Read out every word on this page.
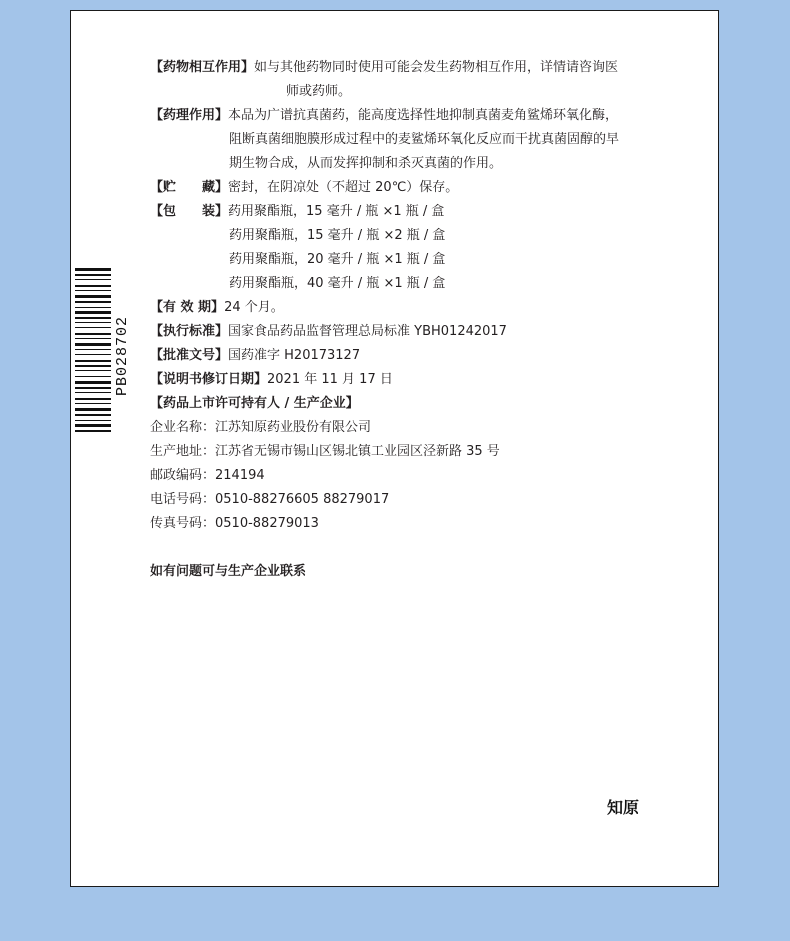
PB028702
【药物相互作用】 如与其他药物同时使用可能会发生药物相互作用，详情请咨询医
师或药师。
【药理作用】 本品为广谱抗真菌药，能高度选择性地抑制真菌麦角鲨烯环氧化酶，
阻断真菌细胞膜形成过程中的麦鲨烯环氧化反应而干扰真菌固醇的早
期生物合成，从而发挥抑制和杀灭真菌的作用。
【贮　　藏】 密封，在阴凉处（不超过 20℃）保存。
【包　　装】 药用聚酯瓶，15 毫升 / 瓶 ×1 瓶 / 盒
药用聚酯瓶，15 毫升 / 瓶 ×2 瓶 / 盒
药用聚酯瓶，20 毫升 / 瓶 ×1 瓶 / 盒
药用聚酯瓶，40 毫升 / 瓶 ×1 瓶 / 盒
【有 效 期】 24 个月。
【执行标准】 国家食品药品监督管理总局标准 YBH01242017
【批准文号】 国药准字 H20173127
【说明书修订日期】 2021 年 11 月 17 日
【药品上市许可持有人 / 生产企业】
企业名称：江苏知原药业股份有限公司
生产地址：江苏省无锡市锡山区锡北镇工业园区泾新路 35 号
邮政编码：214194
电话号码：0510-88276605 88279017
传真号码：0510-88279013
如有问题可与生产企业联系
知原
